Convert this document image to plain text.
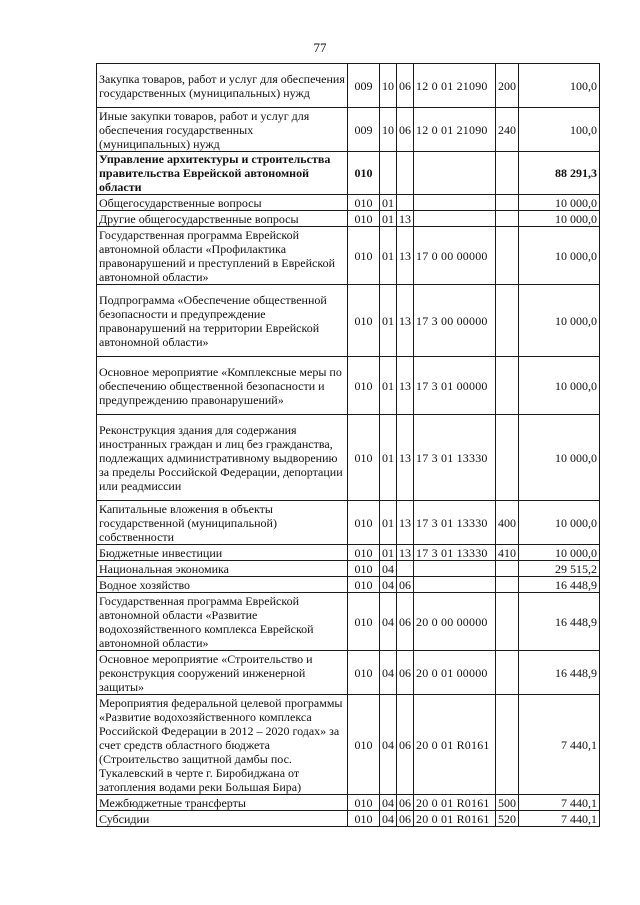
77
Закупка товаров, работ и услуг для обеспечения государственных (муниципальных) нужд	009	10	06	12 0 01 21090	200	100,0
Иные закупки товаров, работ и услуг для обеспечения государственных (муниципальных) нужд	009	10	06	12 0 01 21090	240	100,0
Управление архитектуры и строительства правительства Еврейской автономной области	010					88 291,3
Общегосударственные вопросы	010	01				10 000,0
Другие общегосударственные вопросы	010	01	13			10 000,0
Государственная программа Еврейской автономной области «Профилактика правонарушений и преступлений в Еврейской автономной области»	010	01	13	17 0 00 00000		10 000,0
Подпрограмма «Обеспечение общественной безопасности и предупреждение правонарушений на территории Еврейской автономной области»	010	01	13	17 3 00 00000		10 000,0
Основное мероприятие «Комплексные меры по обеспечению общественной безопасности и предупреждению правонарушений»	010	01	13	17 3 01 00000		10 000,0
Реконструкция здания для содержания иностранных граждан и лиц без гражданства, подлежащих административному выдворению за пределы Российской Федерации, депортации или реадмиссии	010	01	13	17 3 01 13330		10 000,0
Капитальные вложения в объекты государственной (муниципальной) собственности	010	01	13	17 3 01 13330	400	10 000,0
Бюджетные инвестиции	010	01	13	17 3 01 13330	410	10 000,0
Национальная экономика	010	04				29 515,2
Водное хозяйство	010	04	06			16 448,9
Государственная программа Еврейской автономной области «Развитие водохозяйственного комплекса Еврейской автономной области»	010	04	06	20 0 00 00000		16 448,9
Основное мероприятие «Строительство и реконструкция сооружений инженерной защиты»	010	04	06	20 0 01 00000		16 448,9
Мероприятия федеральной целевой программы «Развитие водохозяйственного комплекса Российской Федерации в 2012 – 2020 годах» за счет средств областного бюджета (Строительство защитной дамбы пос. Тукалевский в черте г. Биробиджана от затопления водами реки Большая Бира)	010	04	06	20 0 01 R0161		7 440,1
Межбюджетные трансферты	010	04	06	20 0 01 R0161	500	7 440,1
Субсидии	010	04	06	20 0 01 R0161	520	7 440,1
